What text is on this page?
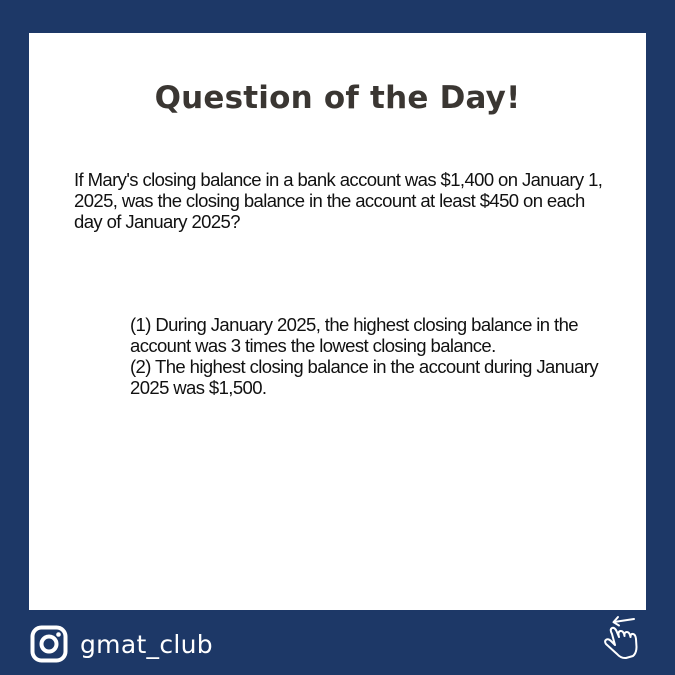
Question of the Day!

If Mary's closing balance in a bank account was $1,400 on January 1, 2025, was the closing balance in the account at least $450 on each day of January 2025?

(1) During January 2025, the highest closing balance in the account was 3 times the lowest closing balance.
(2) The highest closing balance in the account during January 2025 was $1,500.
gmat_club
